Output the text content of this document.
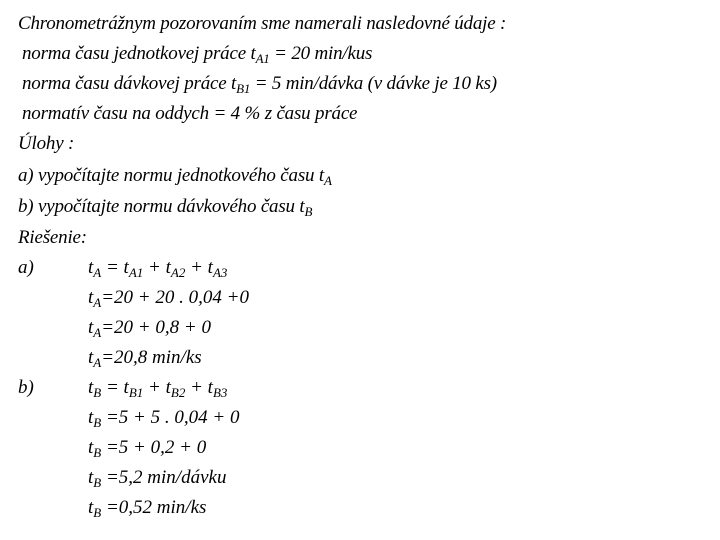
Chronometrážnym pozorovaním sme namerali nasledovné údaje :
norma času jednotkovej práce $t_{A1} = 20$ min/kus
norma času dávkovej práce $t_{B1} = 5$ min/dávka (v dávke je 10 ks)
normatív času na oddych = 4 % z času práce
Úlohy :
a) vypočítajte normu jednotkového času $t_A$
b) vypočítajte normu dávkového času $t_B$
Riešenie:
a)	$t_A = t_{A1} + t_{A2} + t_{A3}$
$t_A=20 + 20$ . 0,04 +0
$t_A=20 + 0,8 + 0$
$t_A=20,8$ min/ks
b)	$t_B = t_{B1} + t_{B2} + t_{B3}$
$t_B =5 + 5$ . 0,04 + 0
$t_B =5 + 0,2 + 0$
$t_B =5,2$ min/dávku
$t_B =0,52$ min/ks
